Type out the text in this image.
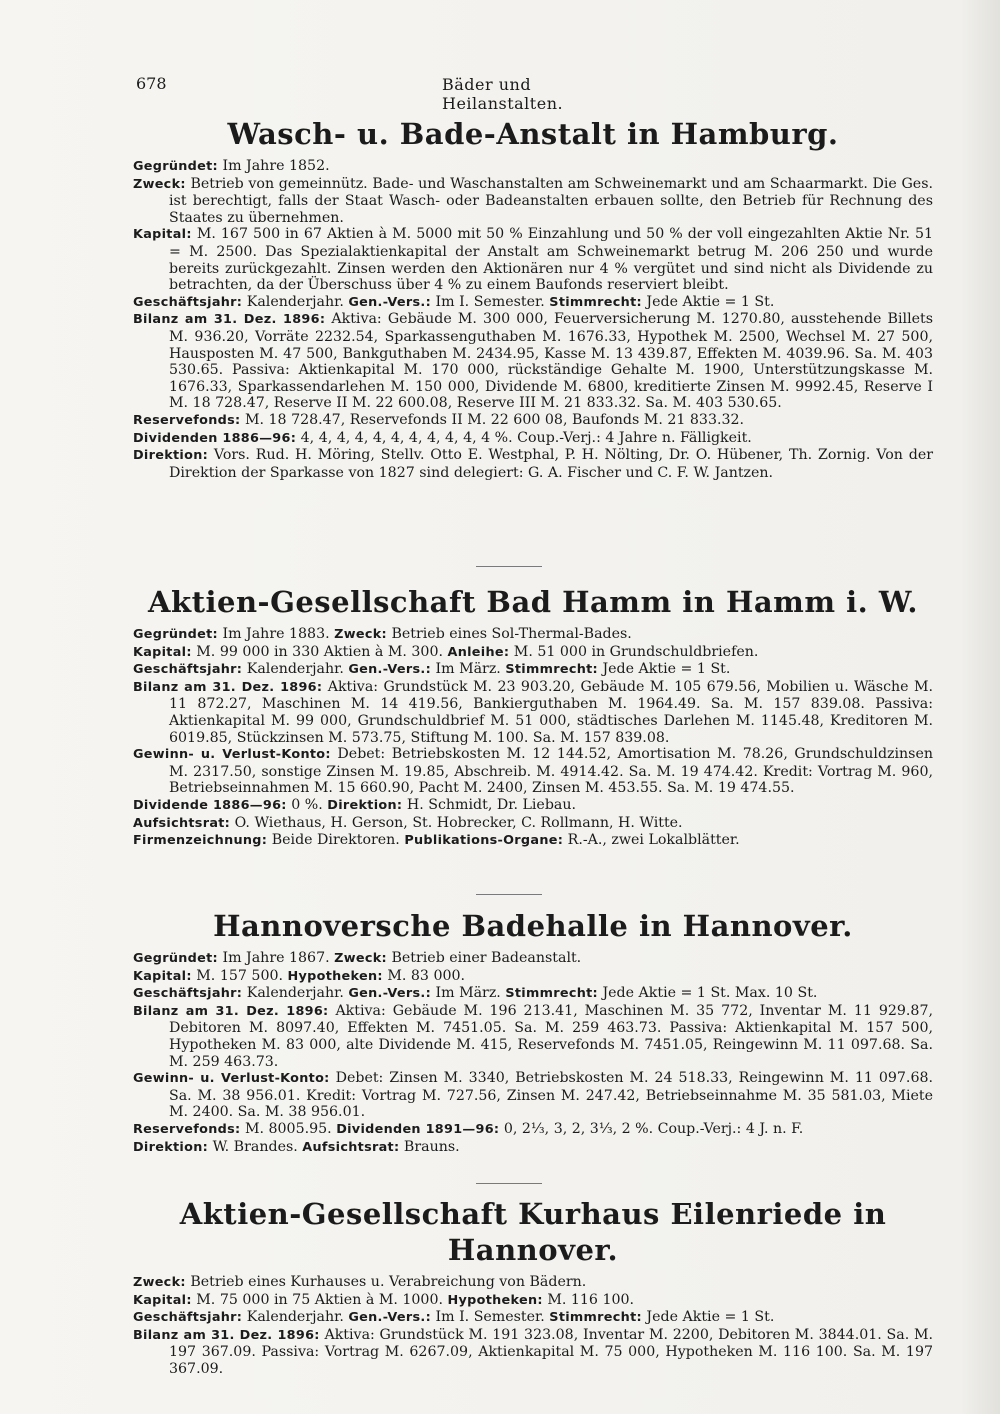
678	Bäder und Heilanstalten.
Wasch- u. Bade-Anstalt in Hamburg.

Gegründet: Im Jahre 1852.

Zweck: Betrieb von gemeinnütz. Bade- und Waschanstalten am Schweinemarkt und am Schaarmarkt. Die Ges. ist berechtigt, falls der Staat Wasch- oder Badeanstalten erbauen sollte, den Betrieb für Rechnung des Staates zu übernehmen.

Kapital: M. 167 500 in 67 Aktien à M. 5000 mit 50 % Einzahlung und 50 % der voll eingezahlten Aktie Nr. 51 = M. 2500. Das Spezialaktienkapital der Anstalt am Schweinemarkt betrug M. 206 250 und wurde bereits zurückgezahlt. Zinsen werden den Aktionären nur 4 % vergütet und sind nicht als Dividende zu betrachten, da der Überschuss über 4 % zu einem Baufonds reserviert bleibt.

Geschäftsjahr: Kalenderjahr. Gen.-Vers.: Im I. Semester. Stimmrecht: Jede Aktie = 1 St.

Bilanz am 31. Dez. 1896: Aktiva: Gebäude M. 300 000, Feuerversicherung M. 1270.80, ausstehende Billets M. 936.20, Vorräte 2232.54, Sparkassenguthaben M. 1676.33, Hypothek M. 2500, Wechsel M. 27 500, Hausposten M. 47 500, Bankguthaben M. 2434.95, Kasse M. 13 439.87, Effekten M. 4039.96. Sa. M. 403 530.65. Passiva: Aktienkapital M. 170 000, rückständige Gehalte M. 1900, Unterstützungskasse M. 1676.33, Sparkassendarlehen M. 150 000, Dividende M. 6800, kreditierte Zinsen M. 9992.45, Reserve I M. 18 728.47, Reserve II M. 22 600.08, Reserve III M. 21 833.32. Sa. M. 403 530.65.

Reservefonds: M. 18 728.47, Reservefonds II M. 22 600 08, Baufonds M. 21 833.32.

Dividenden 1886—96: 4, 4, 4, 4, 4, 4, 4, 4, 4, 4, 4 %. Coup.-Verj.: 4 Jahre n. Fälligkeit.

Direktion: Vors. Rud. H. Möring, Stellv. Otto E. Westphal, P. H. Nölting, Dr. O. Hübener, Th. Zornig. Von der Direktion der Sparkasse von 1827 sind delegiert: G. A. Fischer und C. F. W. Jantzen.

Aktien-Gesellschaft Bad Hamm in Hamm i. W.

Gegründet: Im Jahre 1883. Zweck: Betrieb eines Sol-Thermal-Bades.

Kapital: M. 99 000 in 330 Aktien à M. 300. Anleihe: M. 51 000 in Grundschuldbriefen.

Geschäftsjahr: Kalenderjahr. Gen.-Vers.: Im März. Stimmrecht: Jede Aktie = 1 St.

Bilanz am 31. Dez. 1896: Aktiva: Grundstück M. 23 903.20, Gebäude M. 105 679.56, Mobilien u. Wäsche M. 11 872.27, Maschinen M. 14 419.56, Bankierguthaben M. 1964.49. Sa. M. 157 839.08. Passiva: Aktienkapital M. 99 000, Grundschuldbrief M. 51 000, städtisches Darlehen M. 1145.48, Kreditoren M. 6019.85, Stückzinsen M. 573.75, Stiftung M. 100. Sa. M. 157 839.08.

Gewinn- u. Verlust-Konto: Debet: Betriebskosten M. 12 144.52, Amortisation M. 78.26, Grundschuldzinsen M. 2317.50, sonstige Zinsen M. 19.85, Abschreib. M. 4914.42. Sa. M. 19 474.42. Kredit: Vortrag M. 960, Betriebseinnahmen M. 15 660.90, Pacht M. 2400, Zinsen M. 453.55. Sa. M. 19 474.55.

Dividende 1886—96: 0 %. Direktion: H. Schmidt, Dr. Liebau.

Aufsichtsrat: O. Wiethaus, H. Gerson, St. Hobrecker, C. Rollmann, H. Witte.

Firmenzeichnung: Beide Direktoren. Publikations-Organe: R.-A., zwei Lokalblätter.

Hannoversche Badehalle in Hannover.

Gegründet: Im Jahre 1867. Zweck: Betrieb einer Badeanstalt.

Kapital: M. 157 500. Hypotheken: M. 83 000.

Geschäftsjahr: Kalenderjahr. Gen.-Vers.: Im März. Stimmrecht: Jede Aktie = 1 St. Max. 10 St.

Bilanz am 31. Dez. 1896: Aktiva: Gebäude M. 196 213.41, Maschinen M. 35 772, Inventar M. 11 929.87, Debitoren M. 8097.40, Effekten M. 7451.05. Sa. M. 259 463.73. Passiva: Aktienkapital M. 157 500, Hypotheken M. 83 000, alte Dividende M. 415, Reservefonds M. 7451.05, Reingewinn M. 11 097.68. Sa. M. 259 463.73.

Gewinn- u. Verlust-Konto: Debet: Zinsen M. 3340, Betriebskosten M. 24 518.33, Reingewinn M. 11 097.68. Sa. M. 38 956.01. Kredit: Vortrag M. 727.56, Zinsen M. 247.42, Betriebseinnahme M. 35 581.03, Miete M. 2400. Sa. M. 38 956.01.

Reservefonds: M. 8005.95. Dividenden 1891—96: 0, 2⅓, 3, 2, 3⅓, 2 %. Coup.-Verj.: 4 J. n. F.

Direktion: W. Brandes. Aufsichtsrat: Brauns.

Aktien-Gesellschaft Kurhaus Eilenriede in Hannover.

Zweck: Betrieb eines Kurhauses u. Verabreichung von Bädern.

Kapital: M. 75 000 in 75 Aktien à M. 1000. Hypotheken: M. 116 100.

Geschäftsjahr: Kalenderjahr. Gen.-Vers.: Im I. Semester. Stimmrecht: Jede Aktie = 1 St.

Bilanz am 31. Dez. 1896: Aktiva: Grundstück M. 191 323.08, Inventar M. 2200, Debitoren M. 3844.01. Sa. M. 197 367.09. Passiva: Vortrag M. 6267.09, Aktienkapital M. 75 000, Hypotheken M. 116 100. Sa. M. 197 367.09.
